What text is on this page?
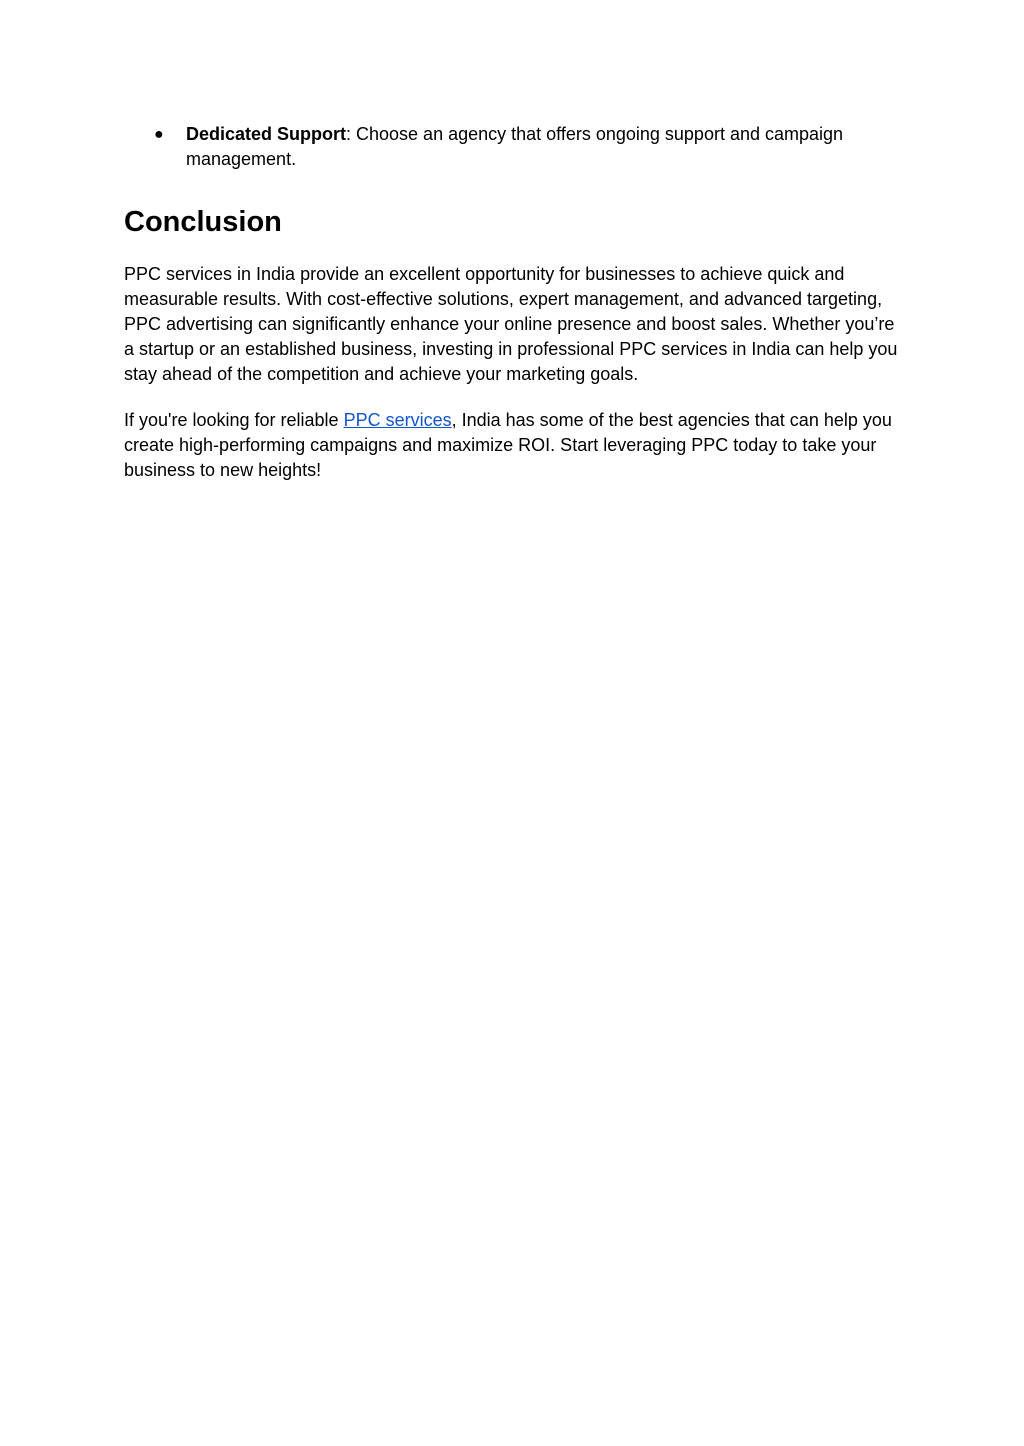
● Dedicated Support: Choose an agency that offers ongoing support and campaign management.
Conclusion

PPC services in India provide an excellent opportunity for businesses to achieve quick and measurable results. With cost-effective solutions, expert management, and advanced targeting, PPC advertising can significantly enhance your online presence and boost sales. Whether you’re a startup or an established business, investing in professional PPC services in India can help you stay ahead of the competition and achieve your marketing goals.

If you're looking for reliable PPC services, India has some of the best agencies that can help you create high-performing campaigns and maximize ROI. Start leveraging PPC today to take your business to new heights!
